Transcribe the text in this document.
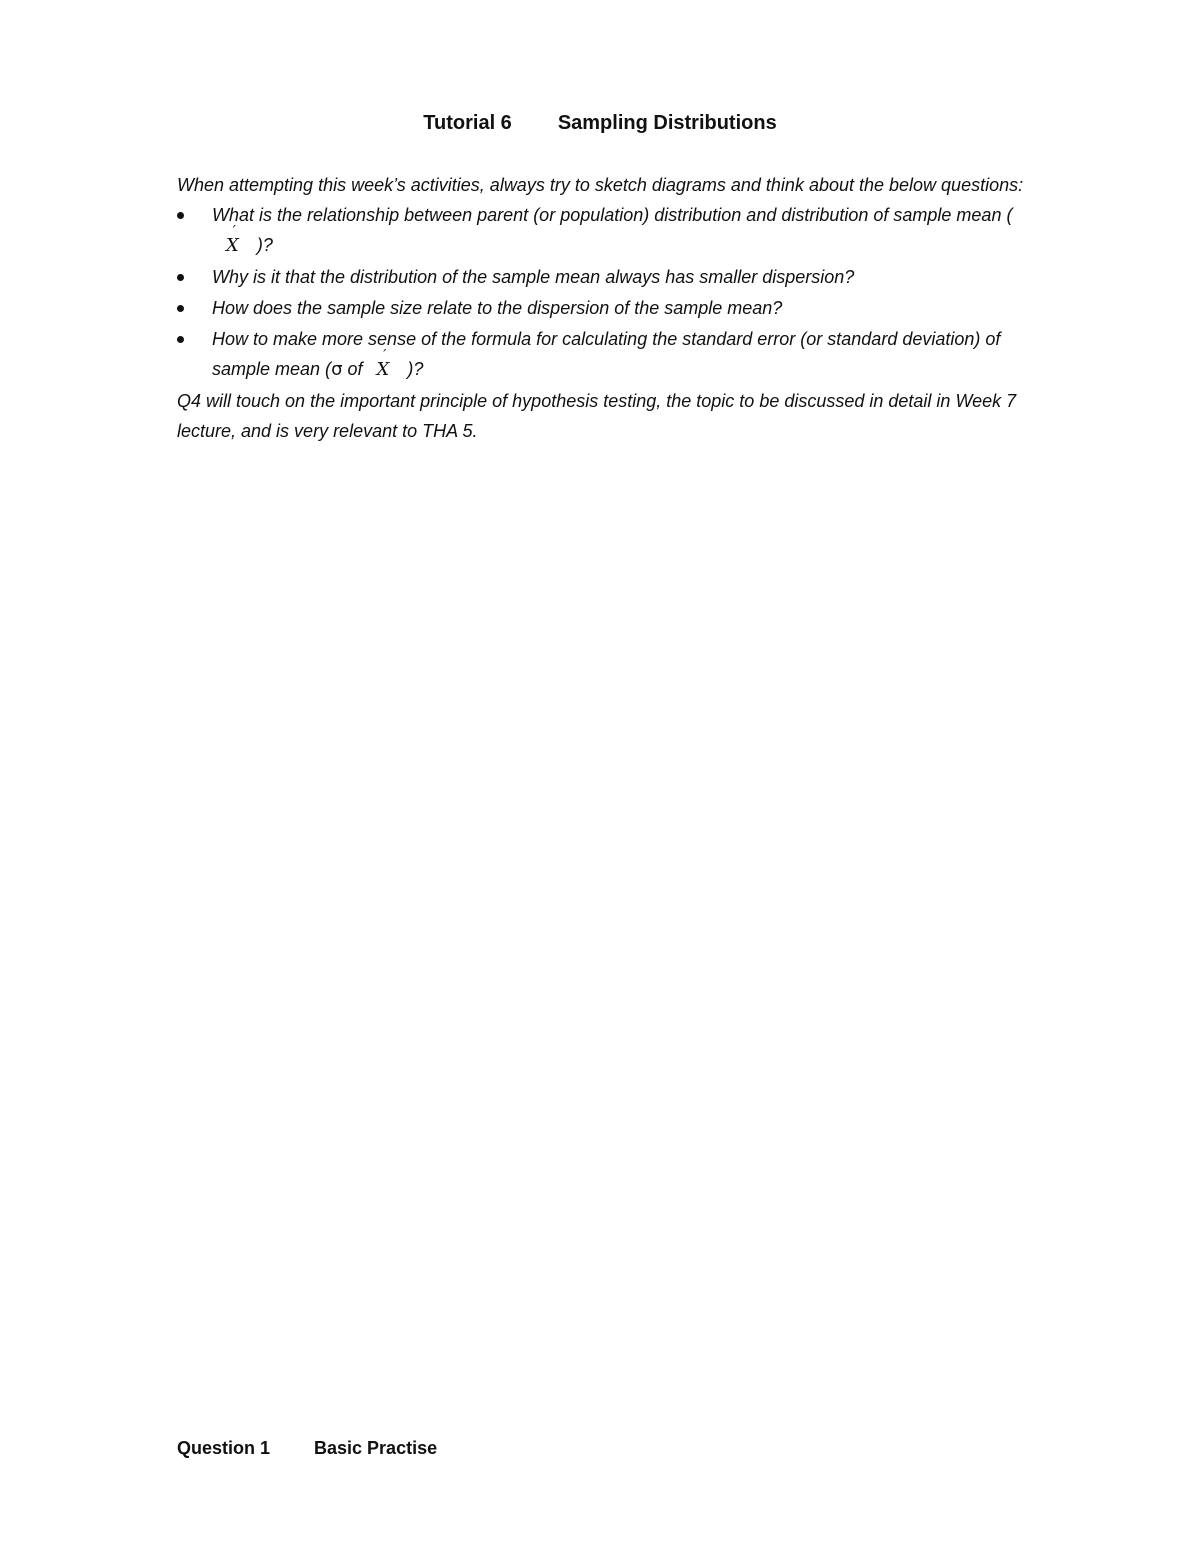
Tutorial 6 Sampling Distributions

When attempting this week’s activities, always try to sketch diagrams and think about the below questions:

What is the relationship between parent (or population) distribution and distribution of sample mean (´ X )?
Why is it that the distribution of the sample mean always has smaller dispersion?
How does the sample size relate to the dispersion of the sample mean?
How to make more sense of the formula for calculating the standard error (or standard deviation) of sample mean (σ of´ X )?

Q4 will touch on the important principle of hypothesis testing, the topic to be discussed in detail in Week 7 lecture, and is very relevant to THA 5.

Question 1 Basic Practise
